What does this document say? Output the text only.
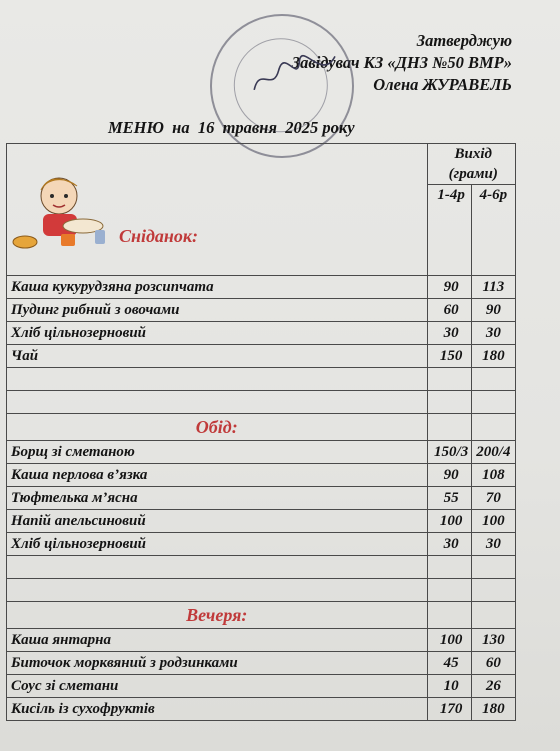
Затверджую
Завідувач КЗ «ДНЗ №50 ВМР»
Олена ЖУРАВЕЛЬ
МЕНЮ  на  16  травня  2025 року
Сніданок:	Вихід (грами)	
	1-4р	4-6р
Каша кукурудзяна розсипчата	90	113
Пудинг рибний з овочами	60	90
Хліб цільнозерновий	30	30
Чай	150	180

Обід:		

Борщ зі сметаною	150/3	200/4
Каша перлова в’язка	90	108
Тюфтелька м’ясна	55	70
Напій апельсиновий	100	100
Хліб цільнозерновий	30	30

Вечеря:		

Каша янтарна	100	130
Биточок морквяний з родзинками	45	60
Соус зі сметани	10	26
Кисіль із сухофруктів	170	180
